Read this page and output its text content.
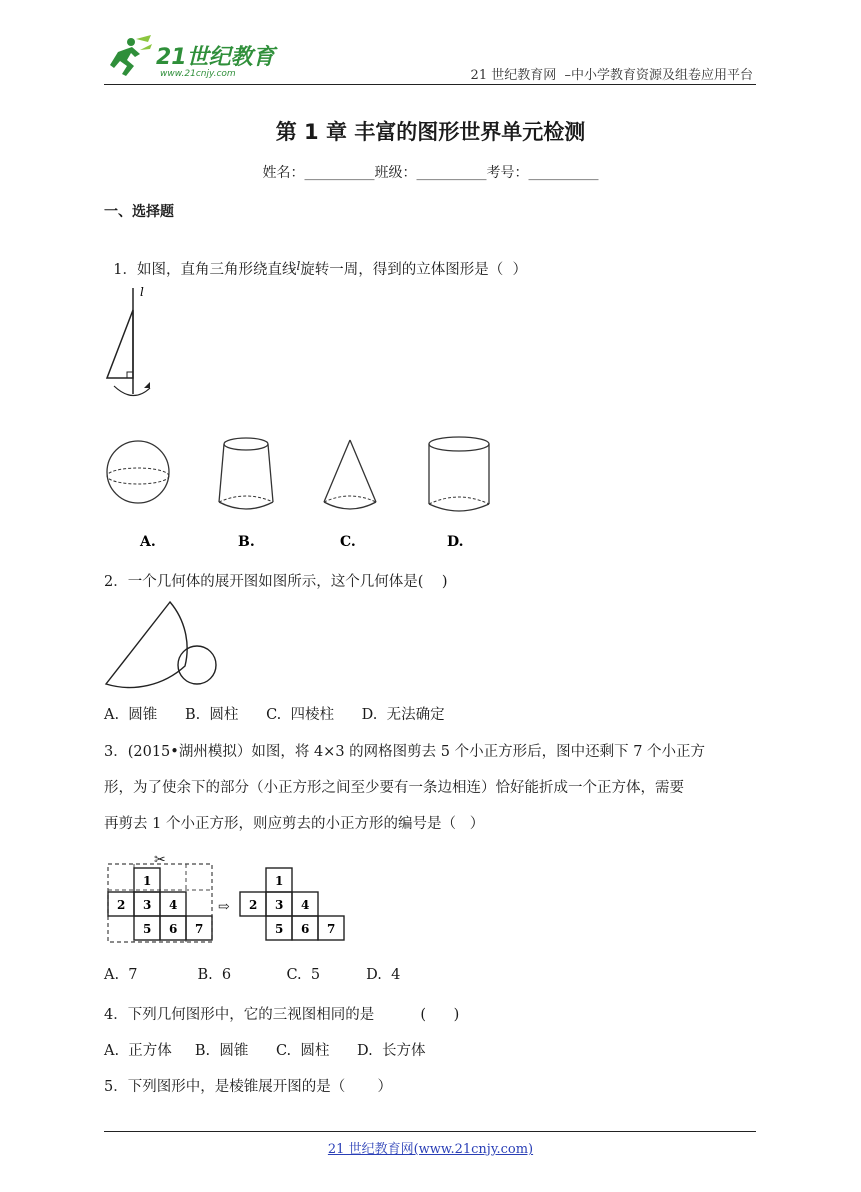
21世纪教育
www.21cnjy.com	21 世纪教育网  –中小学教育资源及组卷应用平台
第 1 章 丰富的图形世界单元检测
姓名：__________班级：__________考号：__________
一、选择题

1．如图，直角三角形绕直线$^l$旋转一周，得到的立体图形是（  ）

l
A.	B.	C.	D.
2．一个几何体的展开图如图所示，这个几何体是(    )
A.  圆锥      B.  圆柱      C.  四棱柱      D.  无法确定
3．(2015•湖州模拟）如图，将 4×3 的网格图剪去 5 个小正方形后，图中还剩下 7 个小正方
形，为了使余下的部分（小正方形之间至少要有一条边相连）恰好能折成一个正方体，需要
再剪去 1 个小正方形，则应剪去的小正方形的编号是（   ）
✂
1
2 3 4
5 6 7
⇨
1
2 3 4
5 6 7
A.  7             B.  6            C.  5          D.  4
4．下列几何图形中，它的三视图相同的是          (      )
A.  正方体     B.  圆锥      C.  圆柱      D.  长方体
5．下列图形中，是棱锥展开图的是（       ）
21 世纪教育网(www.21cnjy.com)
